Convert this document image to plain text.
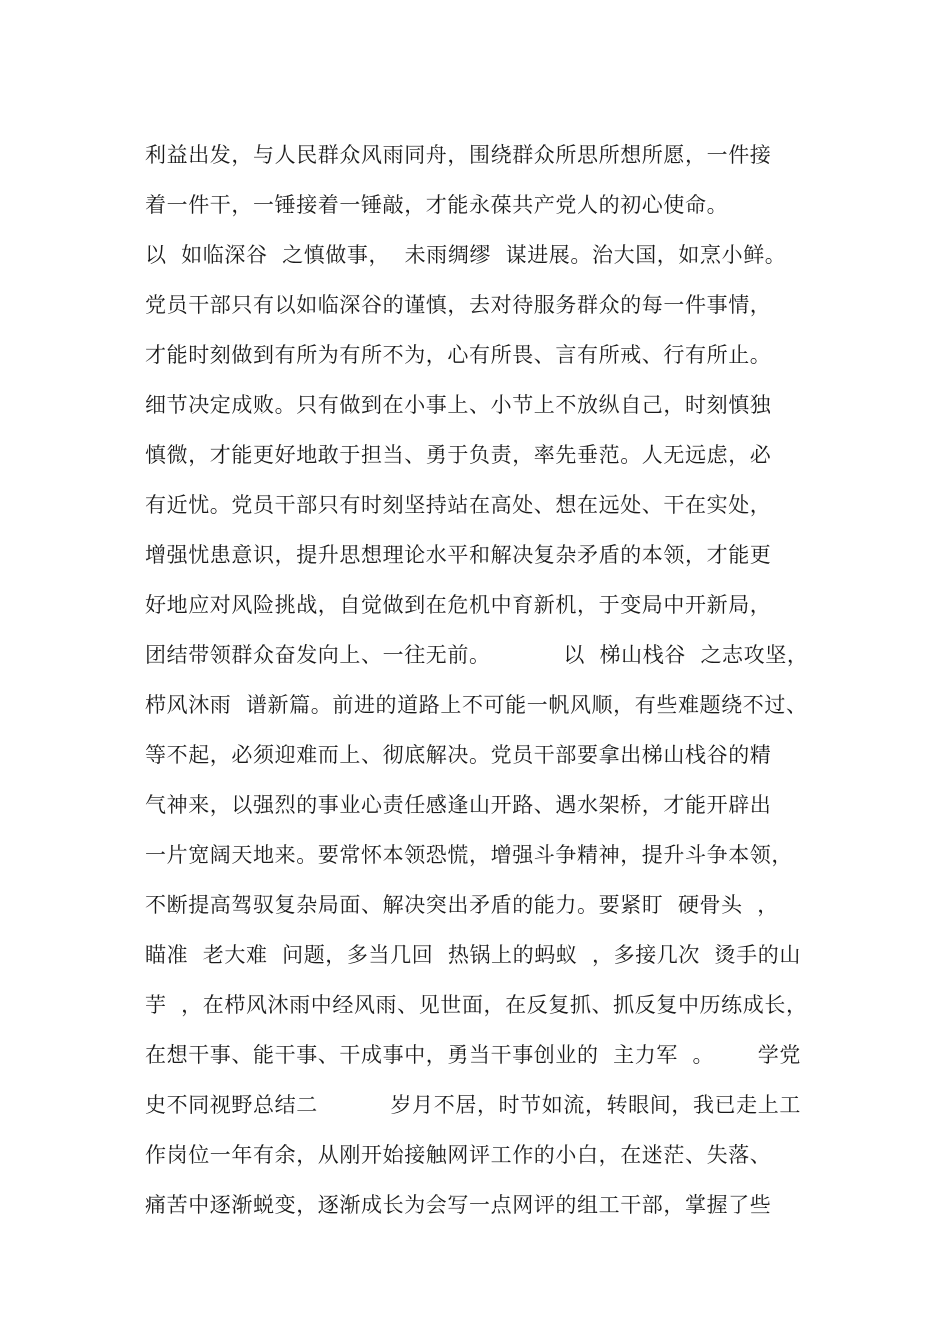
利益出发，与人民群众风雨同舟，围绕群众所思所想所愿，一件接
着一件干，一锤接着一锤敲，才能永葆共产党人的初心使命。
以  如临深谷  之慎做事，  未雨绸缪  谋进展。治大国，如烹小鲜。
党员干部只有以如临深谷的谨慎，去对待服务群众的每一件事情，
才能时刻做到有所为有所不为，心有所畏、言有所戒、行有所止。
细节决定成败。只有做到在小事上、小节上不放纵自己，时刻慎独
慎微，才能更好地敢于担当、勇于负责，率先垂范。人无远虑，必
有近忧。党员干部只有时刻坚持站在高处、想在远处、干在实处，
增强忧患意识，提升思想理论水平和解决复杂矛盾的本领，才能更
好地应对风险挑战，自觉做到在危机中育新机，于变局中开新局，
团结带领群众奋发向上、一往无前。          以  梯山栈谷  之志攻坚，
栉风沐雨  谱新篇。前进的道路上不可能一帆风顺，有些难题绕不过、
等不起，必须迎难而上、彻底解决。党员干部要拿出梯山栈谷的精
气神来，以强烈的事业心责任感逢山开路、遇水架桥，才能开辟出
一片宽阔天地来。要常怀本领恐慌，增强斗争精神，提升斗争本领，
不断提高驾驭复杂局面、解决突出矛盾的能力。要紧盯  硬骨头  ，
瞄准  老大难  问题，多当几回  热锅上的蚂蚁  ，多接几次  烫手的山
芋  ，在栉风沐雨中经风雨、见世面，在反复抓、抓反复中历练成长，
在想干事、能干事、干成事中，勇当干事创业的  主力军  。      学党
史不同视野总结二          岁月不居，时节如流，转眼间，我已走上工
作岗位一年有余，从刚开始接触网评工作的小白，在迷茫、失落、
痛苦中逐渐蜕变，逐渐成长为会写一点网评的组工干部，掌握了些
